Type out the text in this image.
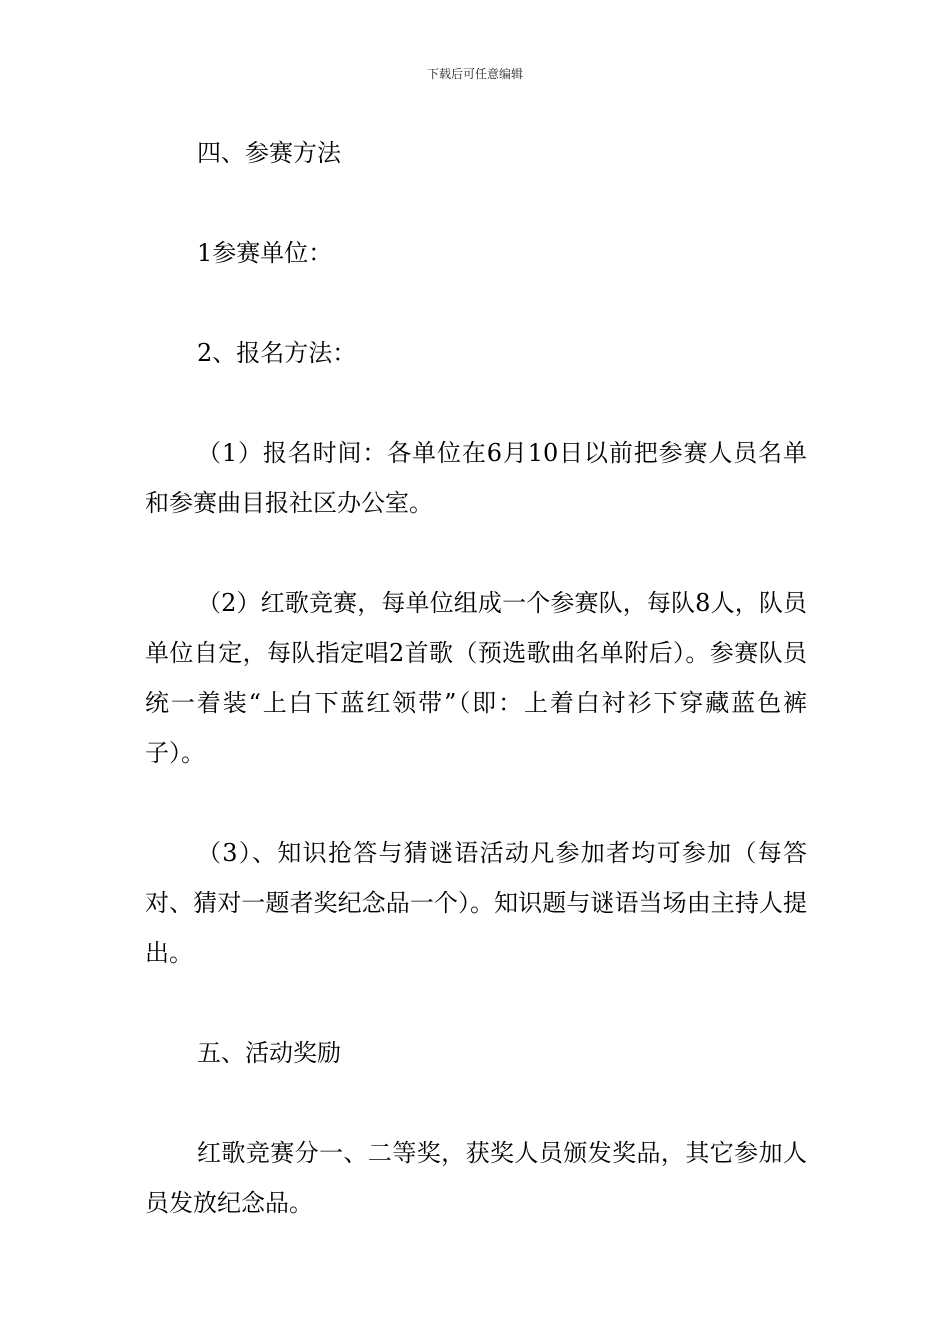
下载后可任意编辑

四、参赛方法

1参赛单位：

2、报名方法：

（1）报名时间：各单位在6月10日以前把参赛人员名单和参赛曲目报社区办公室。

（2）红歌竞赛，每单位组成一个参赛队，每队8人，队员单位自定，每队指定唱2首歌（预选歌曲名单附后）。参赛队员统一着装“上白下蓝红领带”（即：上着白衬衫下穿藏蓝色裤子）。

（3）、知识抢答与猜谜语活动凡参加者均可参加（每答对、猜对一题者奖纪念品一个）。知识题与谜语当场由主持人提出。

五、活动奖励

红歌竞赛分一、二等奖，获奖人员颁发奖品，其它参加人员发放纪念品。
